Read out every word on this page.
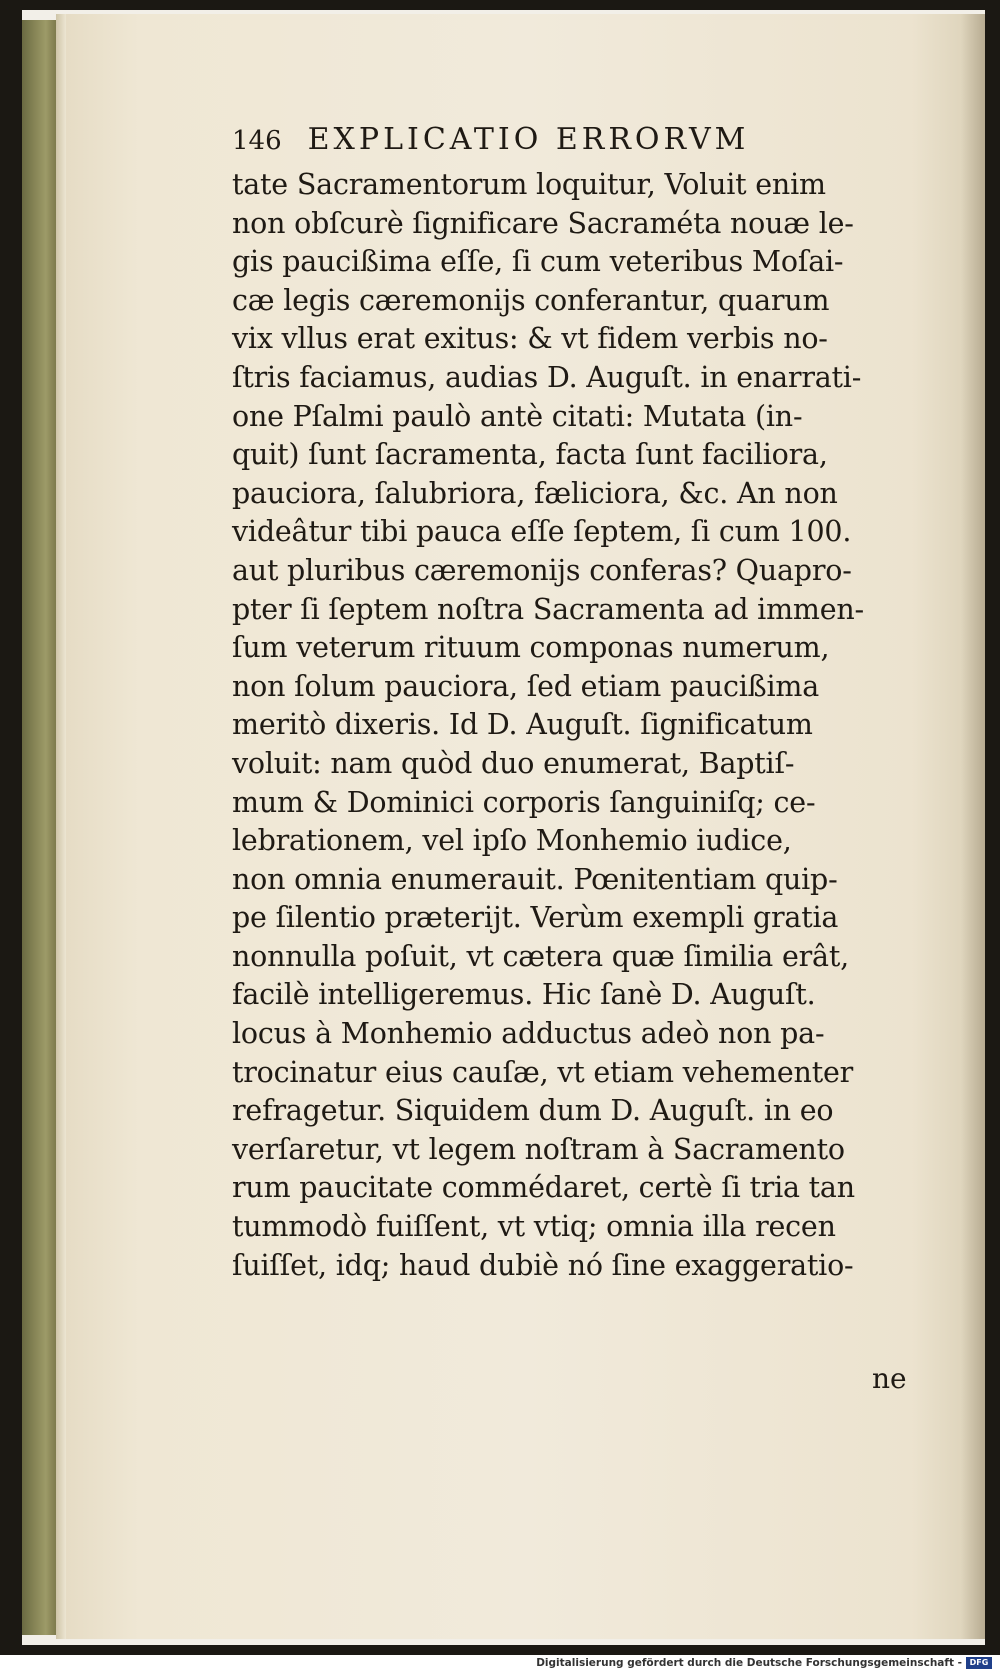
146 EXPLICATIO ERRORVM
tate Sacramentorum loquitur, Voluit enim
non obſcurè ſignificare Sacraméta nouæ le-
gis paucißima eſſe, ſi cum veteribus Moſai-
cæ legis cæremonijs conferantur, quarum
vix vllus erat exitus: & vt fidem verbis no-
ſtris faciamus, audias D. Auguſt. in enarrati-
one Pſalmi paulò antè citati: Mutata (in-
quit) ſunt ſacramenta, facta ſunt faciliora,
pauciora, ſalubriora, fæliciora, &c. An non
videâtur tibi pauca eſſe ſeptem, ſi cum 100.
aut pluribus cæremonijs conferas? Quapro-
pter ſi ſeptem noſtra Sacramenta ad immen-
ſum veterum rituum componas numerum,
non ſolum pauciora, ſed etiam paucißima
meritò dixeris. Id D. Auguſt. ſignificatum
voluit: nam quòd duo enumerat, Baptiſ-
mum & Dominici corporis ſanguiniſq; ce-
lebrationem, vel ipſo Monhemio iudice,
non omnia enumerauit. Pœnitentiam quip-
pe ſilentio præterijt. Verùm exempli gratia
nonnulla poſuit, vt cætera quæ ſimilia erât,
facilè intelligeremus. Hic ſanè D. Auguſt.
locus à Monhemio adductus adeò non pa-
trocinatur eius cauſæ, vt etiam vehementer
refragetur. Siquidem dum D. Auguſt. in eo
verſaretur, vt legem noſtram à Sacramento
rum paucitate commédaret, certè ſi tria tan
tummodò fuiſſent, vt vtiq; omnia illa recen
ſuiſſet, idq; haud dubiè nó ſine exaggeratio-
ne
Digitalisierung gefördert durch die Deutsche Forschungsgemeinschaft - DFG
